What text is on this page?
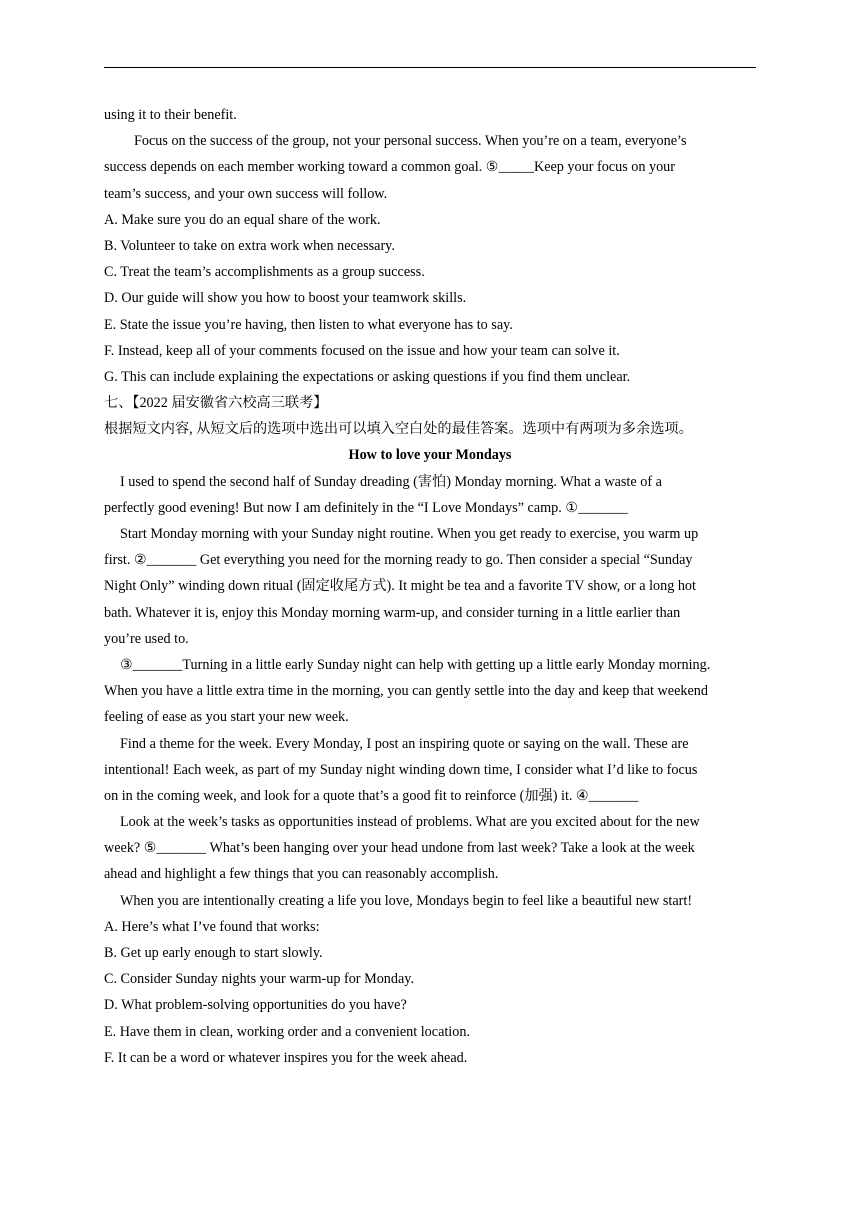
using it to their benefit.
Focus on the success of the group, not your personal success. When you’re on a team, everyone’s
success depends on each member working toward a common goal. ⑤_____Keep your focus on your
team’s success, and your own success will follow.
A. Make sure you do an equal share of the work.
B. Volunteer to take on extra work when necessary.
C. Treat the team’s accomplishments as a group success.
D. Our guide will show you how to boost your teamwork skills.
E. State the issue you’re having, then listen to what everyone has to say.
F. Instead, keep all of your comments focused on the issue and how your team can solve it.
G. This can include explaining the expectations or asking questions if you find them unclear.
七、【2022 届安徽省六校高三联考】
根据短文内容, 从短文后的选项中选出可以填入空白处的最佳答案。选项中有两项为多余选项。
How to love your Mondays
I used to spend the second half of Sunday dreading (害怕) Monday morning. What a waste of a
perfectly good evening! But now I am definitely in the “I Love Mondays” camp. ①_______
Start Monday morning with your Sunday night routine. When you get ready to exercise, you warm up
first. ②_______ Get everything you need for the morning ready to go. Then consider a special “Sunday
Night Only” winding down ritual (固定收尾方式). It might be tea and a favorite TV show, or a long hot
bath. Whatever it is, enjoy this Monday morning warm-up, and consider turning in a little earlier than
you’re used to.
③_______Turning in a little early Sunday night can help with getting up a little early Monday morning.
When you have a little extra time in the morning, you can gently settle into the day and keep that weekend
feeling of ease as you start your new week.
Find a theme for the week. Every Monday, I post an inspiring quote or saying on the wall. These are
intentional! Each week, as part of my Sunday night winding down time, I consider what I’d like to focus
on in the coming week, and look for a quote that’s a good fit to reinforce (加强) it. ④_______
Look at the week’s tasks as opportunities instead of problems. What are you excited about for the new
week? ⑤_______ What’s been hanging over your head undone from last week? Take a look at the week
ahead and highlight a few things that you can reasonably accomplish.
When you are intentionally creating a life you love, Mondays begin to feel like a beautiful new start!
A. Here’s what I’ve found that works:
B. Get up early enough to start slowly.
C. Consider Sunday nights your warm-up for Monday.
D. What problem-solving opportunities do you have?
E. Have them in clean, working order and a convenient location.
F. It can be a word or whatever inspires you for the week ahead.
